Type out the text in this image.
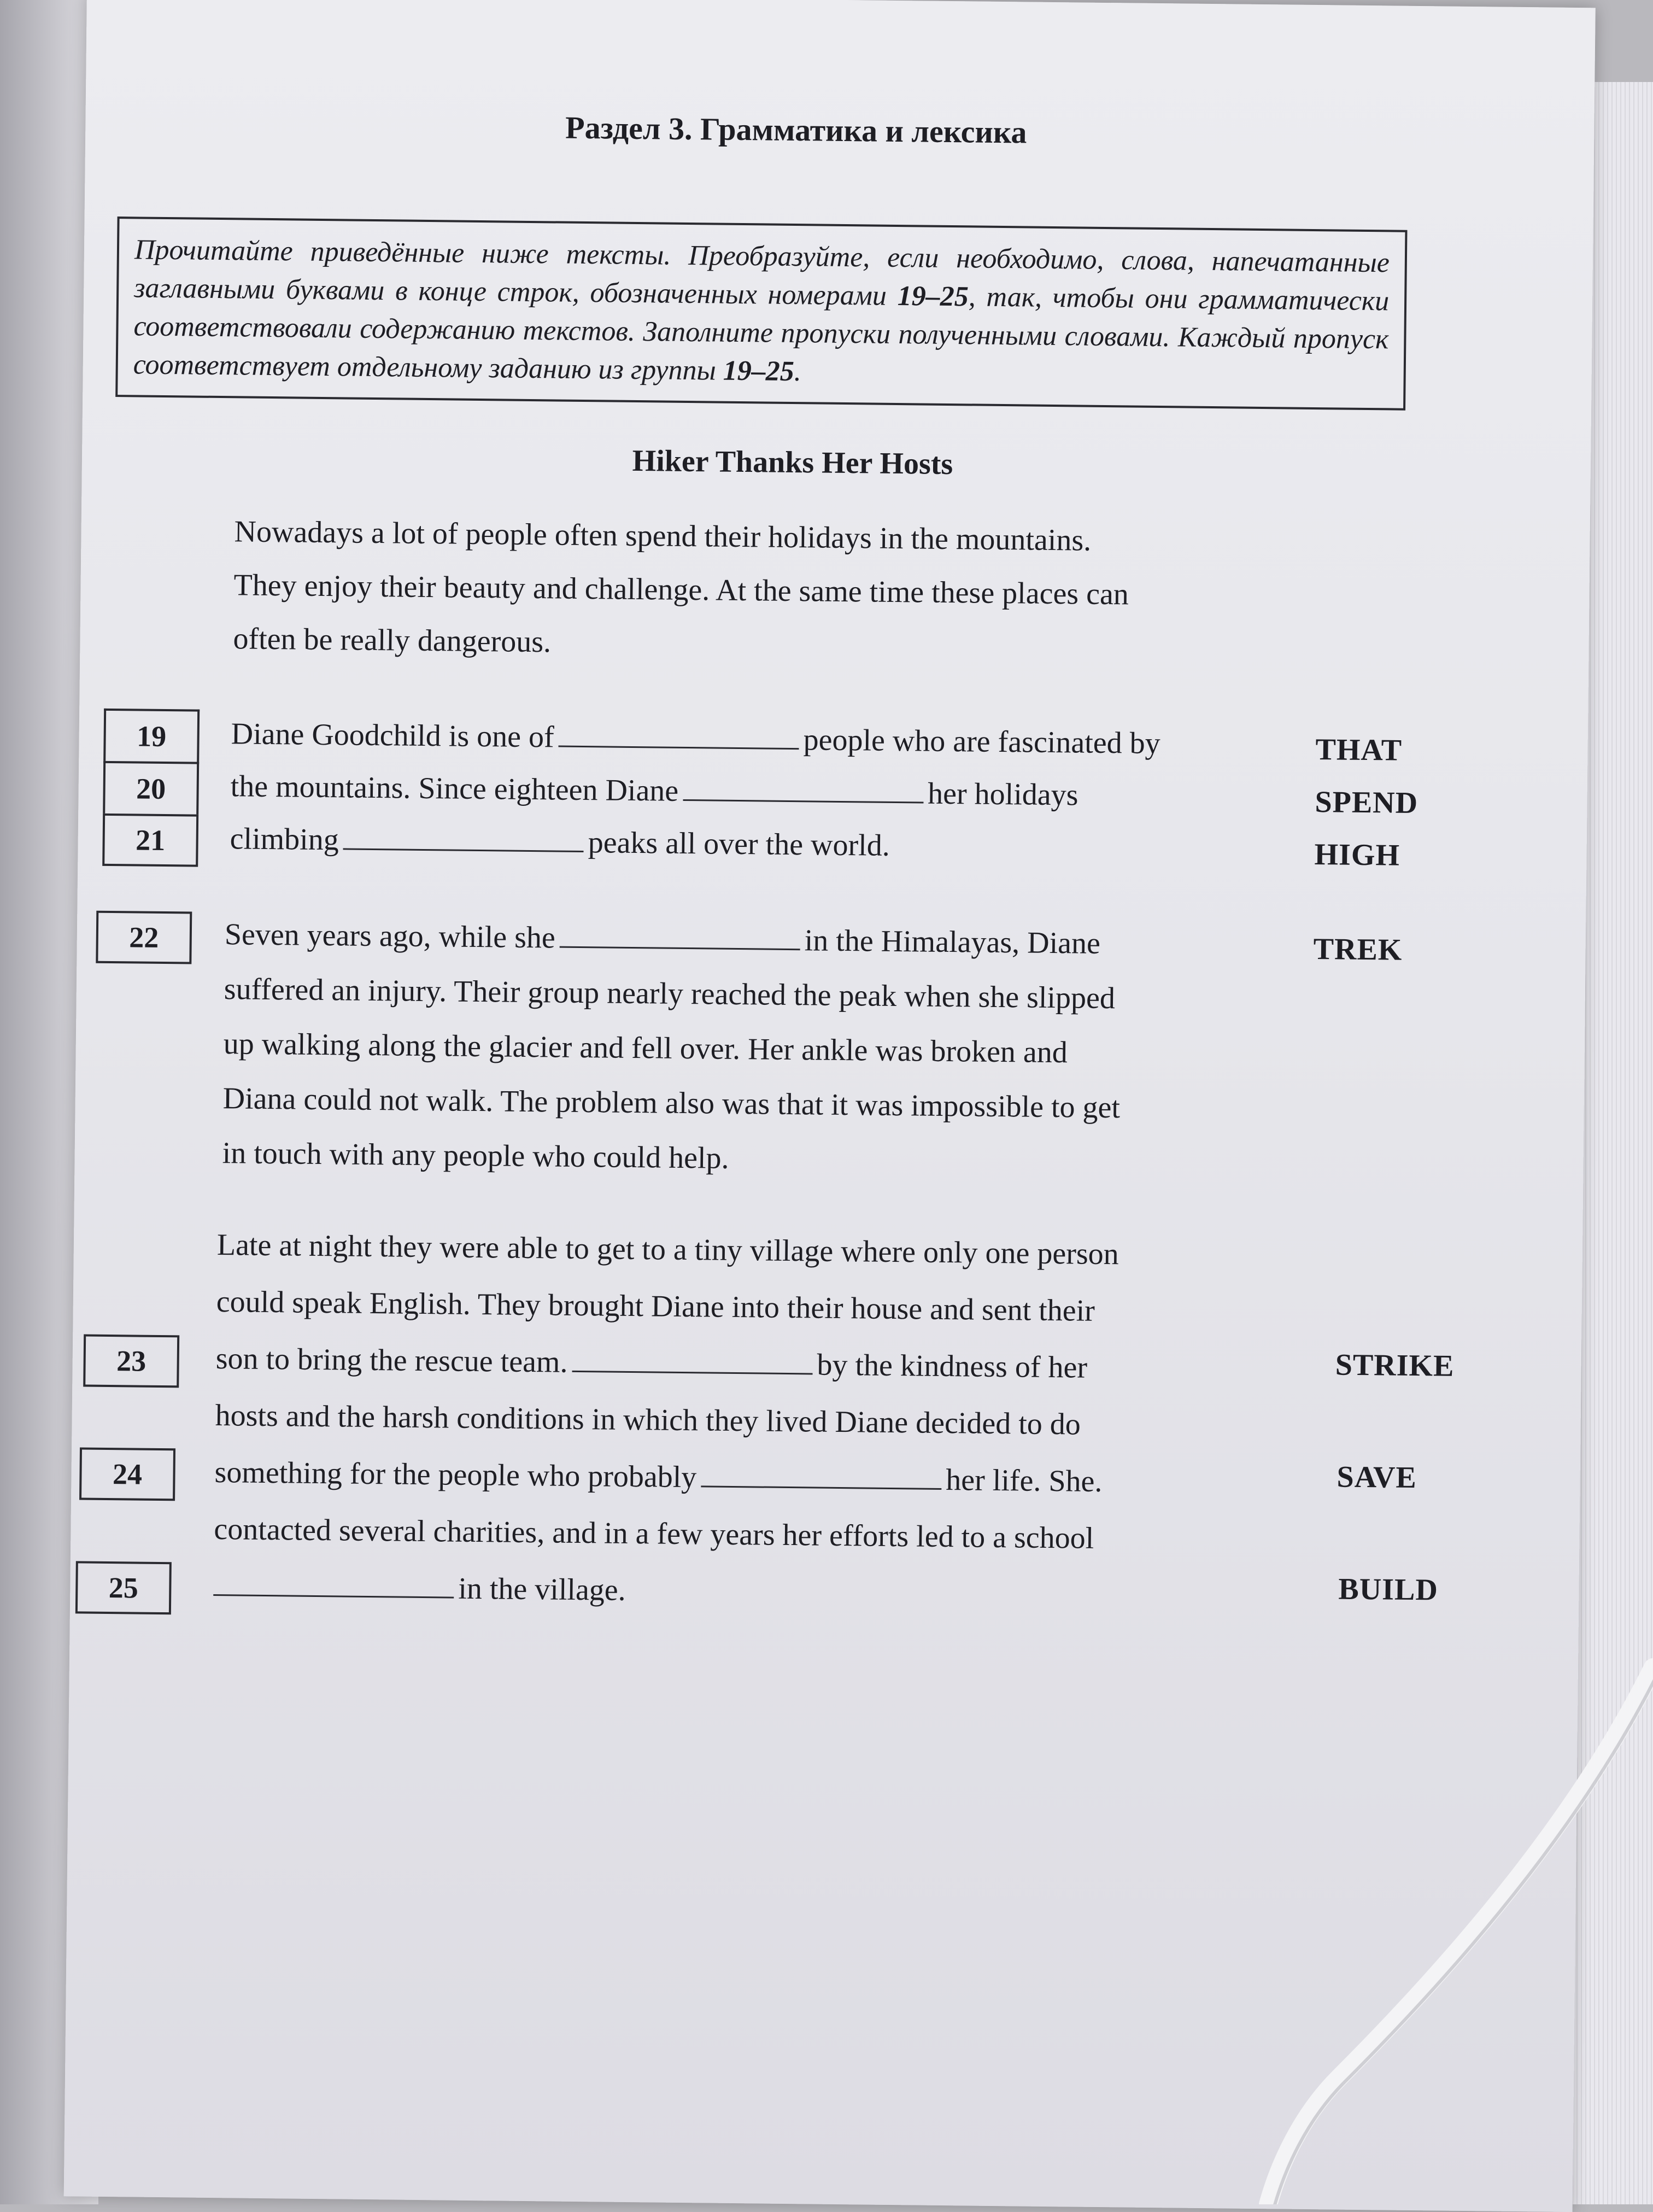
Раздел 3. Грамматика и лексика
Прочитайте приведённые ниже тексты. Преобразуйте, если необходимо, слова, напечатанные заглавными буквами в конце строк, обозначенных номерами 19–25, так, чтобы они грамматически соответствовали содержанию текстов. Заполните пропуски полученными словами. Каждый пропуск соответствует отдельному заданию из группы 19–25.
Hiker Thanks Her Hosts
Nowadays a lot of people often spend their holidays in the mountains.
They enjoy their beauty and challenge. At the same time these places can
often be really dangerous.
19
20
21
Diane Goodchild is one of	people who are fascinated by
the mountains. Since eighteen Diane	her holidays
climbing	peaks all over the world.
THAT
SPEND
HIGH
22	Seven years ago, while she	in the Himalayas, Diane
suffered an injury. Their group nearly reached the peak when she slipped
up walking along the glacier and fell over. Her ankle was broken and
Diana could not walk. The problem also was that it was impossible to get
in touch with any people who could help.
TREK
Late at night they were able to get to a tiny village where only one person
could speak English. They brought Diane into their house and sent their
son to bring the rescue team.	by the kindness of her
hosts and the harsh conditions in which they lived Diane decided to do
something for the people who probably	her life. She.
contacted several charities, and in a few years her efforts led to a school
in the village.
23
24
25
STRIKE
SAVE
BUILD
